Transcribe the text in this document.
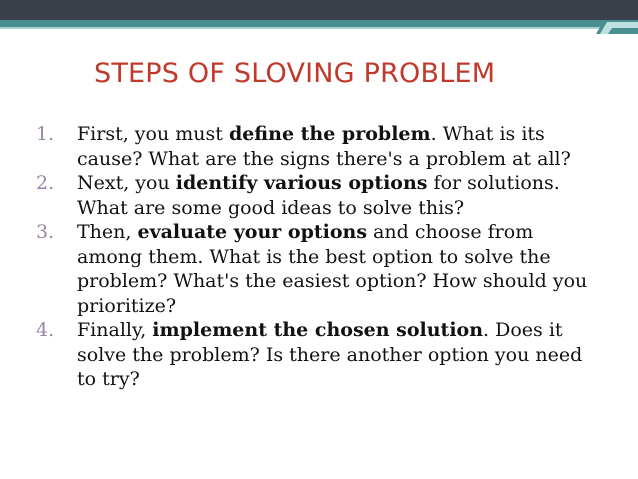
STEPS OF SLOVING PROBLEM
1.	First, you must define the problem. What is its cause? What are the signs there's a problem at all?
2.	Next, you identify various options for solutions. What are some good ideas to solve this?
3.	Then, evaluate your options and choose from among them. What is the best option to solve the problem? What's the easiest option? How should you prioritize?
4.	Finally, implement the chosen solution. Does it solve the problem? Is there another option you need to try?
